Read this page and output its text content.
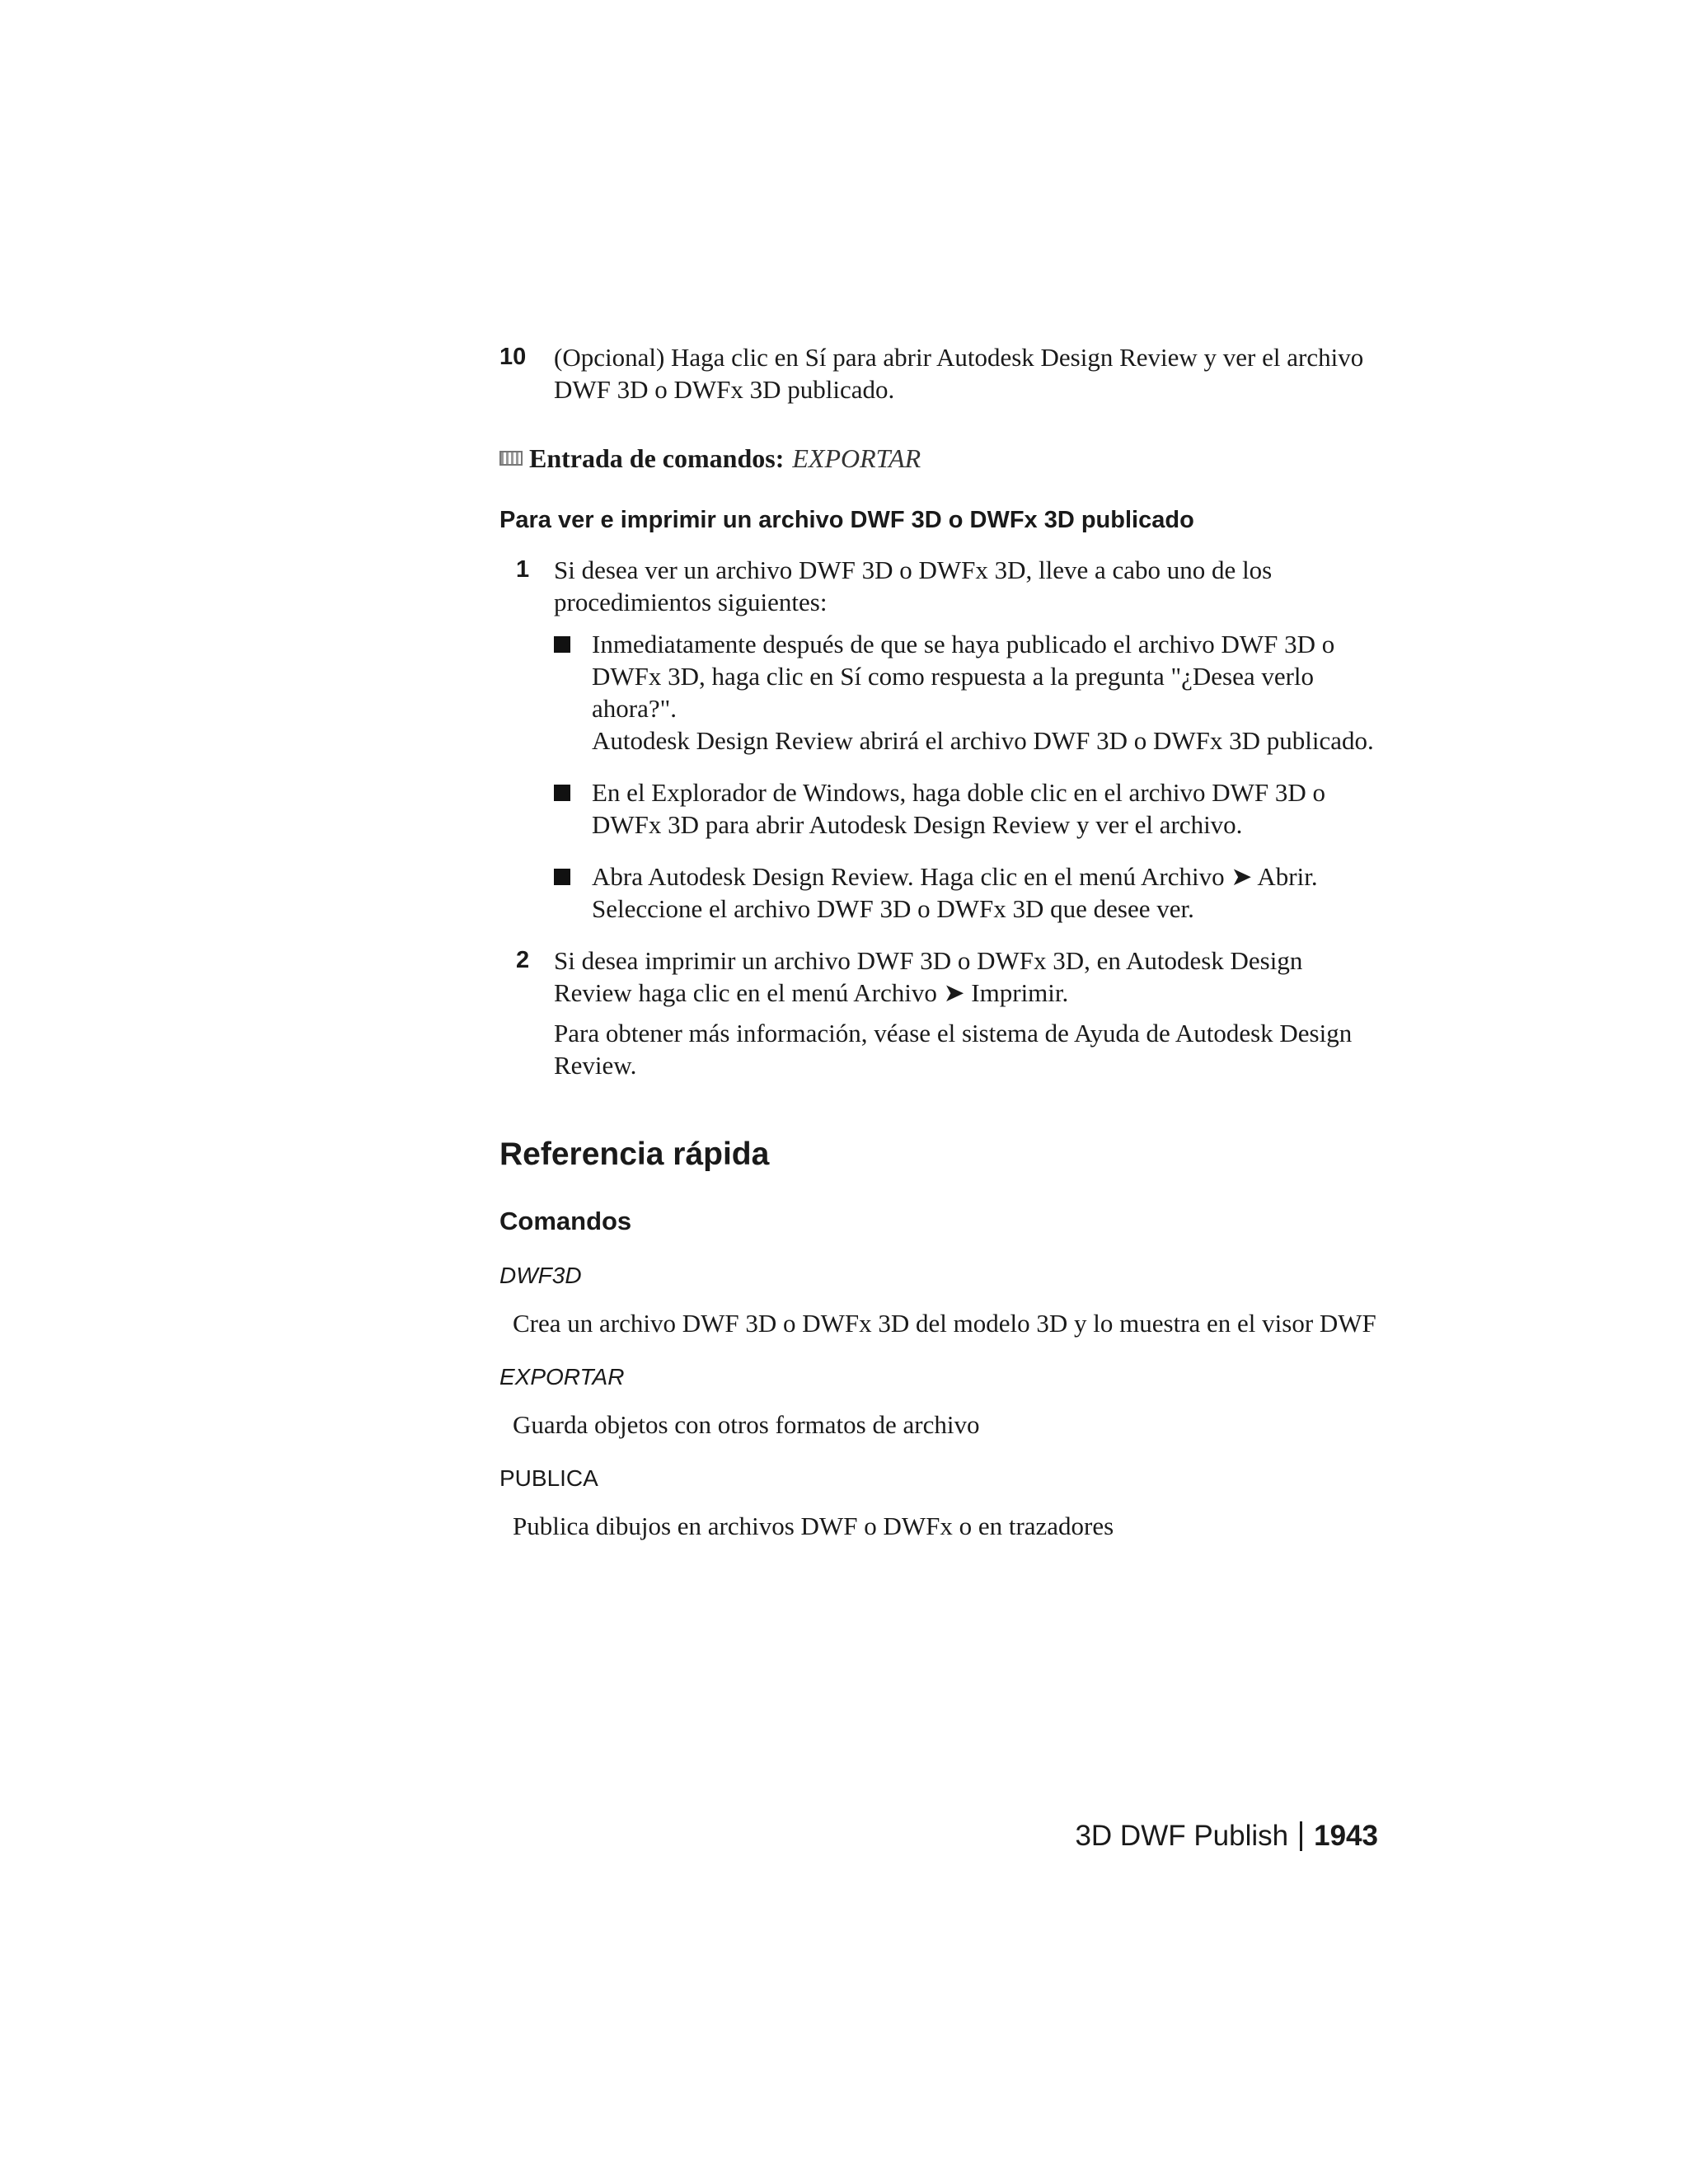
10	(Opcional) Haga clic en Sí para abrir Autodesk Design Review y ver el archivo DWF 3D o DWFx 3D publicado.
Entrada de comandos: EXPORTAR
Para ver e imprimir un archivo DWF 3D o DWFx 3D publicado
1 Si desea ver un archivo DWF 3D o DWFx 3D, lleve a cabo uno de los procedimientos siguientes:
Inmediatamente después de que se haya publicado el archivo DWF 3D o DWFx 3D, haga clic en Sí como respuesta a la pregunta "¿Desea verlo ahora?".
Autodesk Design Review abrirá el archivo DWF 3D o DWFx 3D publicado.
En el Explorador de Windows, haga doble clic en el archivo DWF 3D o DWFx 3D para abrir Autodesk Design Review y ver el archivo.
Abra Autodesk Design Review. Haga clic en el menú Archivo ➤ Abrir. Seleccione el archivo DWF 3D o DWFx 3D que desee ver.
2 Si desea imprimir un archivo DWF 3D o DWFx 3D, en Autodesk Design Review haga clic en el menú Archivo ➤ Imprimir.
Para obtener más información, véase el sistema de Ayuda de Autodesk Design Review.
Referencia rápida
Comandos
DWF3D
Crea un archivo DWF 3D o DWFx 3D del modelo 3D y lo muestra en el visor DWF
EXPORTAR
Guarda objetos con otros formatos de archivo
PUBLICA
Publica dibujos en archivos DWF o DWFx o en trazadores
3D DWF Publish 1943
